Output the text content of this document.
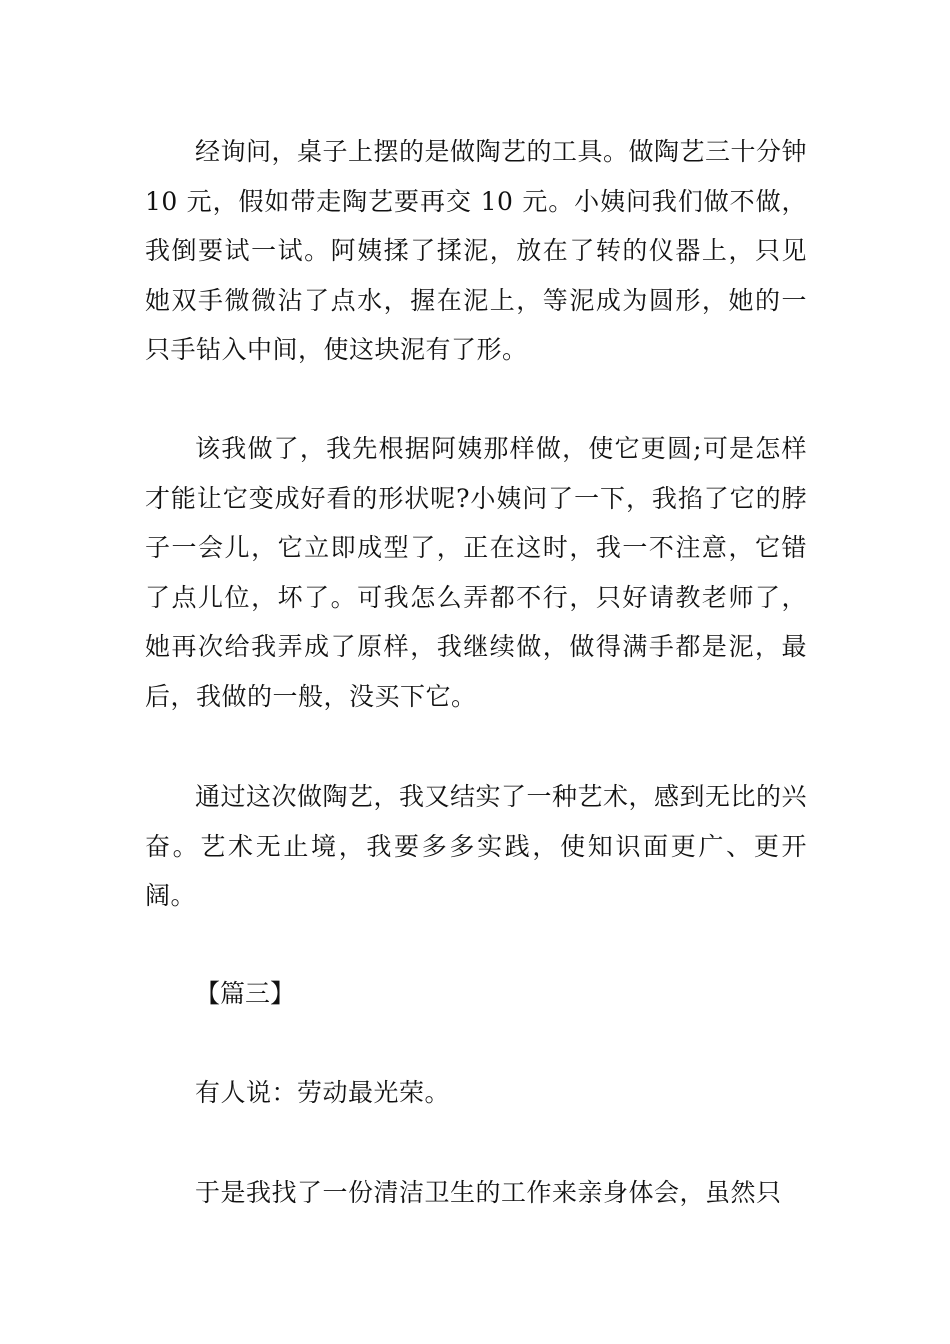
经询问，桌子上摆的是做陶艺的工具。做陶艺三十分钟 10 元，假如带走陶艺要再交 10 元。小姨问我们做不做，我倒要试一试。阿姨揉了揉泥，放在了转的仪器上，只见她双手微微沾了点水，握在泥上，等泥成为圆形，她的一只手钻入中间，使这块泥有了形。

该我做了，我先根据阿姨那样做，使它更圆;可是怎样才能让它变成好看的形状呢?小姨问了一下，我掐了它的脖子一会儿，它立即成型了，正在这时，我一不注意，它错了点儿位，坏了。可我怎么弄都不行，只好请教老师了，她再次给我弄成了原样，我继续做，做得满手都是泥，最后，我做的一般，没买下它。

通过这次做陶艺，我又结实了一种艺术，感到无比的兴奋。艺术无止境，我要多多实践，使知识面更广、更开阔。

【篇三】

有人说：劳动最光荣。

于是我找了一份清洁卫生的工作来亲身体会，虽然只
